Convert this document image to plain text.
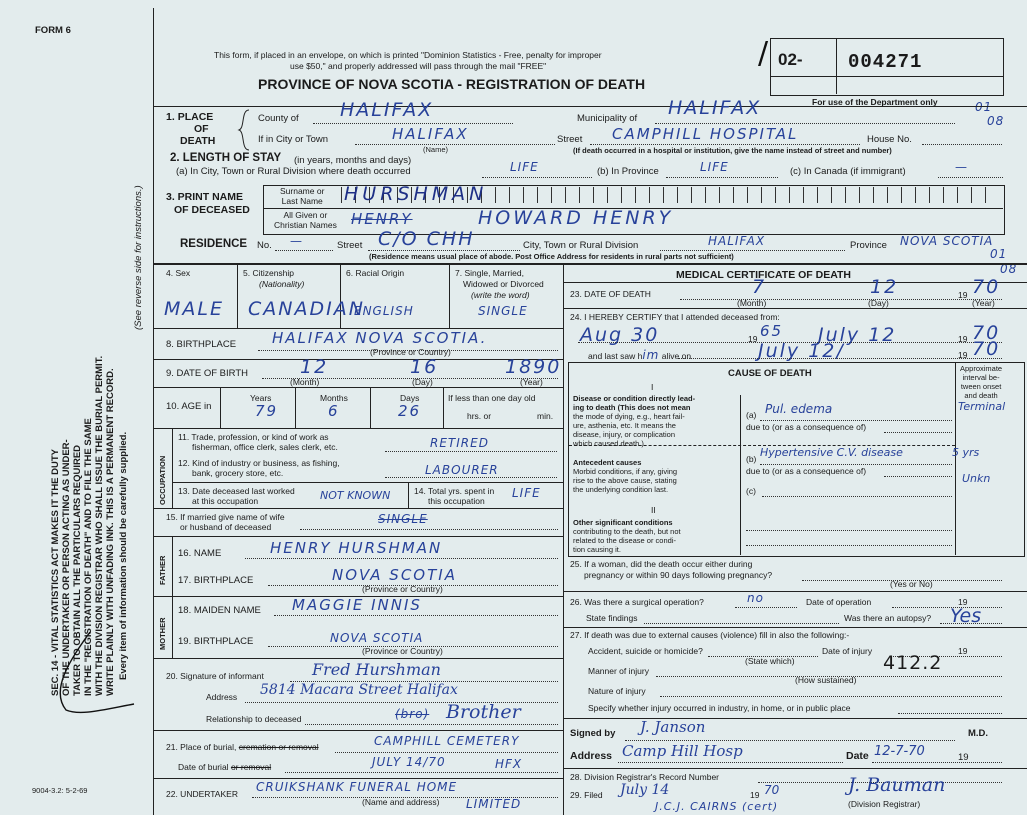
FORM 6
This form, if placed in an envelope, on which is printed "Dominion Statistics - Free, penalty for improper
use $50," and properly addressed will pass through the mail "FREE"
PROVINCE OF NOVA SCOTIA - REGISTRATION OF DEATH
/ 02- 004271
For use of the Department only	01
08
SEC. 14 - VITAL STATISTICS ACT MAKES IT THE DUTY OF THE UNDERTAKER OR PERSON ACTING AS UNDER- TAKER TO OBTAIN ALL THE PARTICULARS REQUIRED IN THE "REGISTRATION OF DEATH" AND TO FILE THE SAME WITH THE DIVISION REGISTRAR WHO SHALL ISSUE THE BURIAL PERMIT. WRITE PLAINLY WITH UNFADING INK. THIS IS A PERMANENT RECORD. Every item of information should be carefully supplied.
(See reverse side for instructions.)
9004-3.2: 5-2-69
1. PLACE
OF
DEATH
County of HALIFAX	Municipality of HALIFAX
If in City or Town	HALIFAX
(Name)
Street CAMPHILL HOSPITAL	House No.
(If death occurred in a hospital or institution, give the name instead of street and number)
2. LENGTH OF STAY (in years, months and days)
(a) In City, Town or Rural Division where death occurred	LIFE	(b) In Province	LIFE	(c) In Canada (if immigrant)	—
3. PRINT NAME
OF DECEASED
Surname or
Last Name
All Given or
Christian Names
HURSHMAN
HENRY	HOWARD HENRY
RESIDENCE No. —	Street C/O CHH	City, Town or Rural Division	HALIFAX	Province NOVA SCOTIA
(Residence means usual place of abode. Post Office Address for residents in rural parts not sufficient)	01
08
4. Sex
MALE
5. Citizenship
(Nationality)
CANADIAN
6. Racial Origin
ENGLISH
7. Single, Married,
Widowed or Divorced
(write the word)
SINGLE
8. BIRTHPLACE HALIFAX NOVA SCOTIA.
(Province or Country)
9. DATE OF BIRTH	12	16	1890
(Month)	(Day)	(Year)
10. AGE in
Years	Months	Days
79	6	26
If less than one day old
hrs. or	min.
OCCUPATION
11. Trade, profession, or kind of work as
fisherman, office clerk, sales clerk, etc.	RETIRED
12. Kind of industry or business, as fishing,
bank, grocery store, etc.	LABOURER
13. Date deceased last worked
at this occupation	NOT KNOWN	14. Total yrs. spent in
this occupation
LIFE
15. If married give name of wife
or husband of deceased
SINGLE
FATHER
16. NAME	HENRY HURSHMAN
17. BIRTHPLACE	NOVA SCOTIA
(Province or Country)
MOTHER
18. MAIDEN NAME MAGGIE INNIS
19. BIRTHPLACE	NOVA SCOTIA
(Province or Country)
20. Signature of informant	Fred Hurshman
Address 5814 Macara Street Halifax
Relationship to deceased	(bro) Brother
21. Place of burial, cremation or removal	CAMPHILL CEMETERY
Date of burial or removal	JULY 14/70	HFX
22. UNDERTAKER CRUIKSHANK FUNERAL HOME
(Name and address) LIMITED
MEDICAL CERTIFICATE OF DEATH
23. DATE OF DEATH	7	12	19 70
(Month)	(Day)	(Year)
24. I HEREBY CERTIFY that I attended deceased from:
Aug 30	19 65 July 12	19 70
and last saw him alive on	July 12/	19 70
CAUSE OF DEATH	Approximate
interval be-
tween onset
and death
I
Disease or condition directly lead-
ing to death (This does not mean
the mode of dying, e.g., heart fail-
ure, asthenia, etc. It means the
disease, injury, or complication
which caused death.)
(a) Pul. edema	Terminal
due to (or as a consequence of)
Antecedent causes
Morbid conditions, if any, giving
rise to the above cause, stating
the underlying condition last.
(b) Hypertensive C.V. disease	5 yrs
due to (or as a consequence of)
(c)
Unkn
II
Other significant conditions
contributing to the death, but not
related to the disease or condi-
tion causing it.
25. If a woman, did the death occur either during
pregnancy or within 90 days following pregnancy?
(Yes or No)
26. Was there a surgical operation?	no	Date of operation	19
State findings	Was there an autopsy? Yes
27. If death was due to external causes (violence) fill in also the following:-
Accident, suicide or homicide?
(State which)
Date of injury	19
412.2
Manner of injury
(How sustained)
Nature of injury
Specify whether injury occurred in industry, in home, or in public place
Signed by J. Janson	M.D.
Address Camp Hill Hosp	Date 12-7-70	19
28. Division Registrar's Record Number
29. Filed July 14	19 70	J. Bauman
(Division Registrar)
J.C.J. CAIRNS (cert)
